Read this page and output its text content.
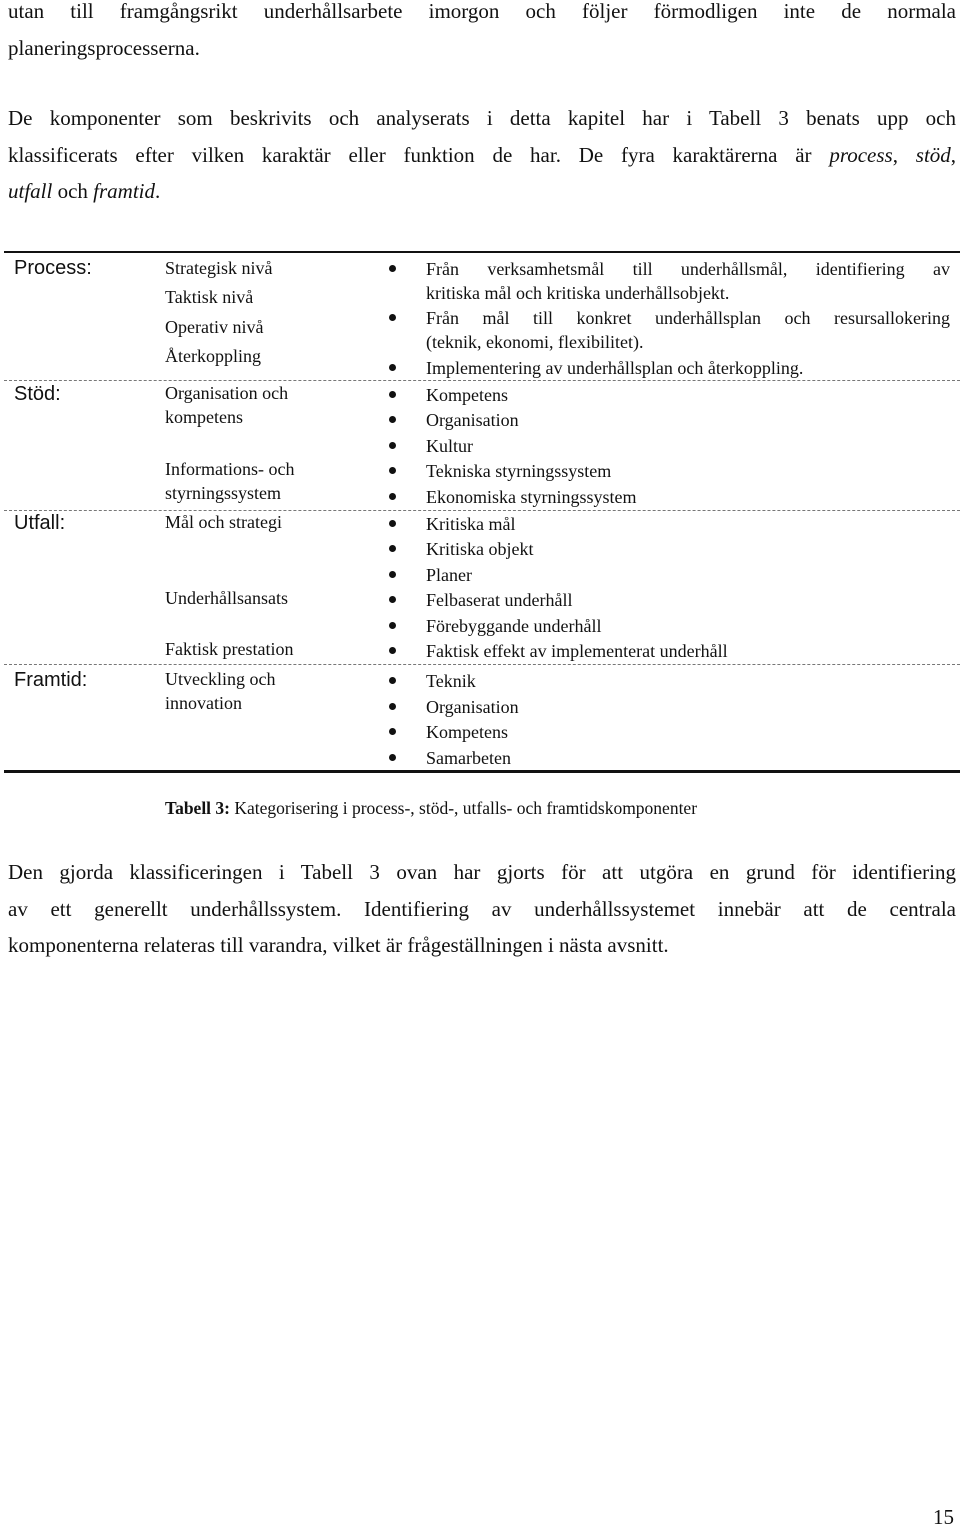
utan till framgångsrikt underhållsarbete imorgon och följer förmodligen inte de normala
planeringsprocesserna.
De komponenter som beskrivits och analyserats i detta kapitel har i Tabell 3 benats upp och
klassificerats efter vilken karaktär eller funktion de har. De fyra karaktärerna är process, stöd,
utfall och framtid.
Process:
Stöd:
Utfall:
Framtid:
Strategisk nivå
Taktisk nivå
Operativ nivå
Återkoppling
Organisation och
kompetens
Informations- och
styrningssystem
Mål och strategi
Underhållsansats
Faktisk prestation
Utveckling och
innovation
Från verksamhetsmål till underhållsmål, identifiering av
kritiska mål och kritiska underhållsobjekt.
Från mål till konkret underhållsplan och resursallokering
(teknik, ekonomi, flexibilitet).
Implementering av underhållsplan och återkoppling.
Kompetens
Organisation
Kultur
Tekniska styrningssystem
Ekonomiska styrningssystem
Kritiska mål
Kritiska objekt
Planer
Felbaserat underhåll
Förebyggande underhåll
Faktisk effekt av implementerat underhåll
Teknik
Organisation
Kompetens
Samarbeten
Tabell 3: Kategorisering i process-, stöd-, utfalls- och framtidskomponenter
Den gjorda klassificeringen i Tabell 3 ovan har gjorts för att utgöra en grund för identifiering
av ett generellt underhållssystem. Identifiering av underhållssystemet innebär att de centrala
komponenterna relateras till varandra, vilket är frågeställningen i nästa avsnitt.
15
